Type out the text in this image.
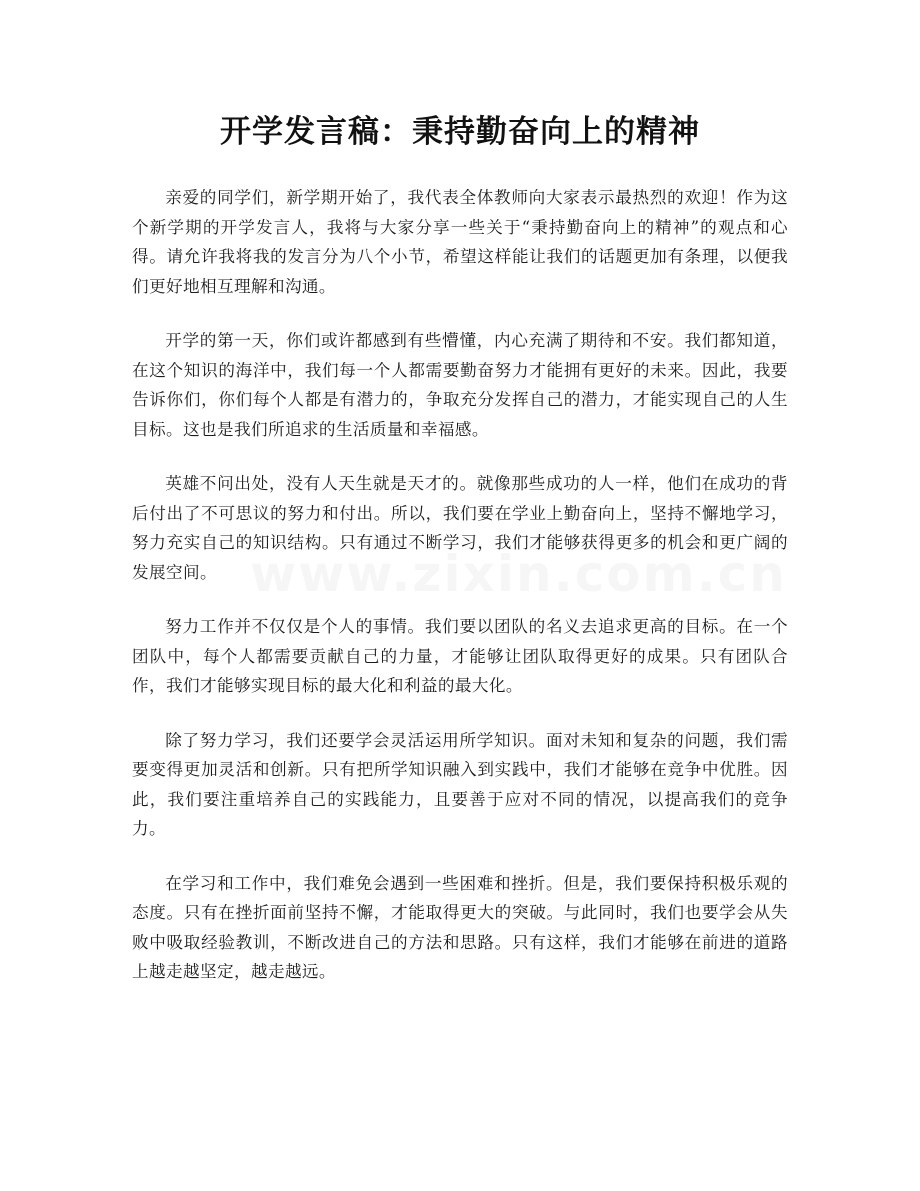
开学发言稿：秉持勤奋向上的精神

亲爱的同学们，新学期开始了，我代表全体教师向大家表示最热烈的欢迎！作为这个新学期的开学发言人，我将与大家分享一些关于“秉持勤奋向上的精神”的观点和心得。请允许我将我的发言分为八个小节，希望这样能让我们的话题更加有条理，以便我们更好地相互理解和沟通。

开学的第一天，你们或许都感到有些懵懂，内心充满了期待和不安。我们都知道，在这个知识的海洋中，我们每一个人都需要勤奋努力才能拥有更好的未来。因此，我要告诉你们，你们每个人都是有潜力的，争取充分发挥自己的潜力，才能实现自己的人生目标。这也是我们所追求的生活质量和幸福感。

英雄不问出处，没有人天生就是天才的。就像那些成功的人一样，他们在成功的背后付出了不可思议的努力和付出。所以，我们要在学业上勤奋向上，坚持不懈地学习，努力充实自己的知识结构。只有通过不断学习，我们才能够获得更多的机会和更广阔的发展空间。

努力工作并不仅仅是个人的事情。我们要以团队的名义去追求更高的目标。在一个团队中，每个人都需要贡献自己的力量，才能够让团队取得更好的成果。只有团队合作，我们才能够实现目标的最大化和利益的最大化。

除了努力学习，我们还要学会灵活运用所学知识。面对未知和复杂的问题，我们需要变得更加灵活和创新。只有把所学知识融入到实践中，我们才能够在竞争中优胜。因此，我们要注重培养自己的实践能力，且要善于应对不同的情况，以提高我们的竞争力。

在学习和工作中，我们难免会遇到一些困难和挫折。但是，我们要保持积极乐观的态度。只有在挫折面前坚持不懈，才能取得更大的突破。与此同时，我们也要学会从失败中吸取经验教训，不断改进自己的方法和思路。只有这样，我们才能够在前进的道路上越走越坚定，越走越远。
